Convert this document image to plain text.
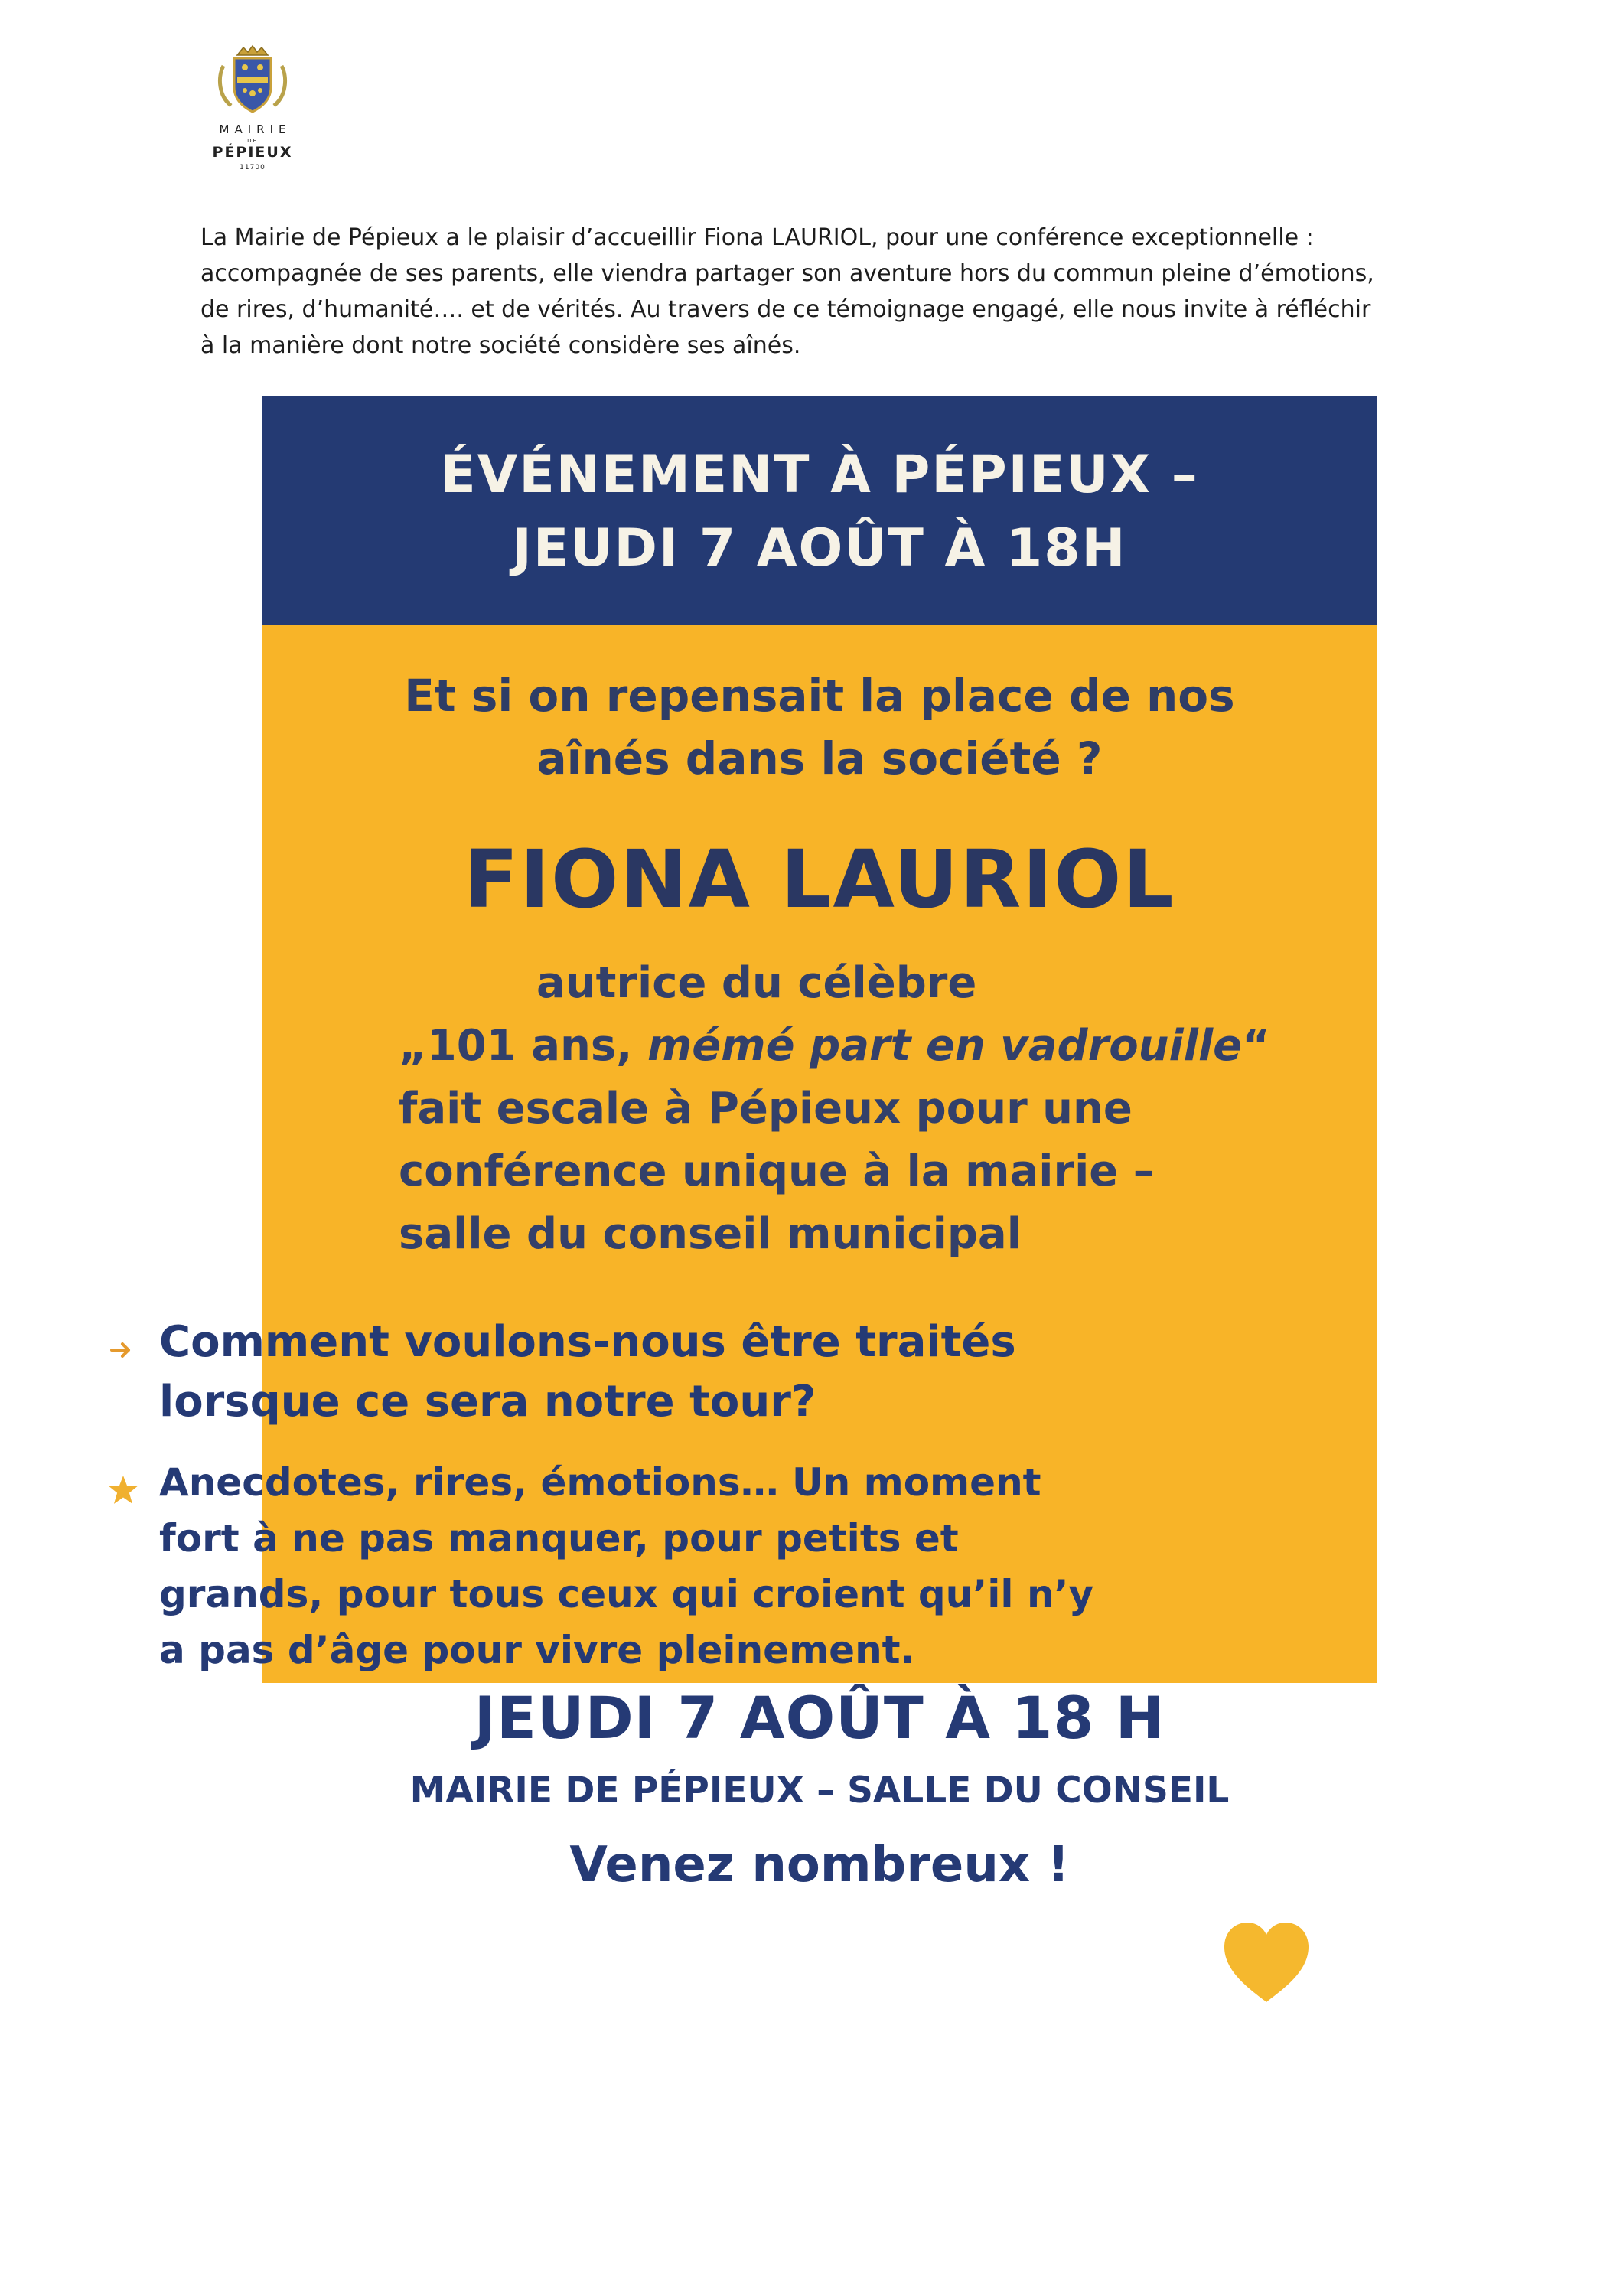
MAIRIE
DE
PÉPIEUX
11700

La Mairie de Pépieux a le plaisir d’accueillir Fiona LAURIOL, pour une conférence exceptionnelle :
accompagnée de ses parents, elle viendra partager son aventure hors du commun pleine d’émotions,
de rires, d’humanité…. et de vérités. Au travers de ce témoignage engagé, elle nous invite à réfléchir
à la manière dont notre société considère ses aînés.

ÉVÉNEMENT À PÉPIEUX –
JEUDI 7 AOÛT À 18H
Et si on repensait la place de nos
aînés dans la société ?
FIONA LAURIOL
autrice du célèbre
„101 ans, mémé part en vadrouille“
fait escale à Pépieux pour une
conférence unique à la mairie –
salle du conseil municipal
Comment voulons-nous être traités
lorsque ce sera notre tour?
Anecdotes, rires, émotions… Un moment
fort à ne pas manquer, pour petits et
grands, pour tous ceux qui croient qu’il n’y
a pas d’âge pour vivre pleinement.
JEUDI 7 AOÛT À 18 H
MAIRIE DE PÉPIEUX – SALLE DU CONSEIL
Venez nombreux !
